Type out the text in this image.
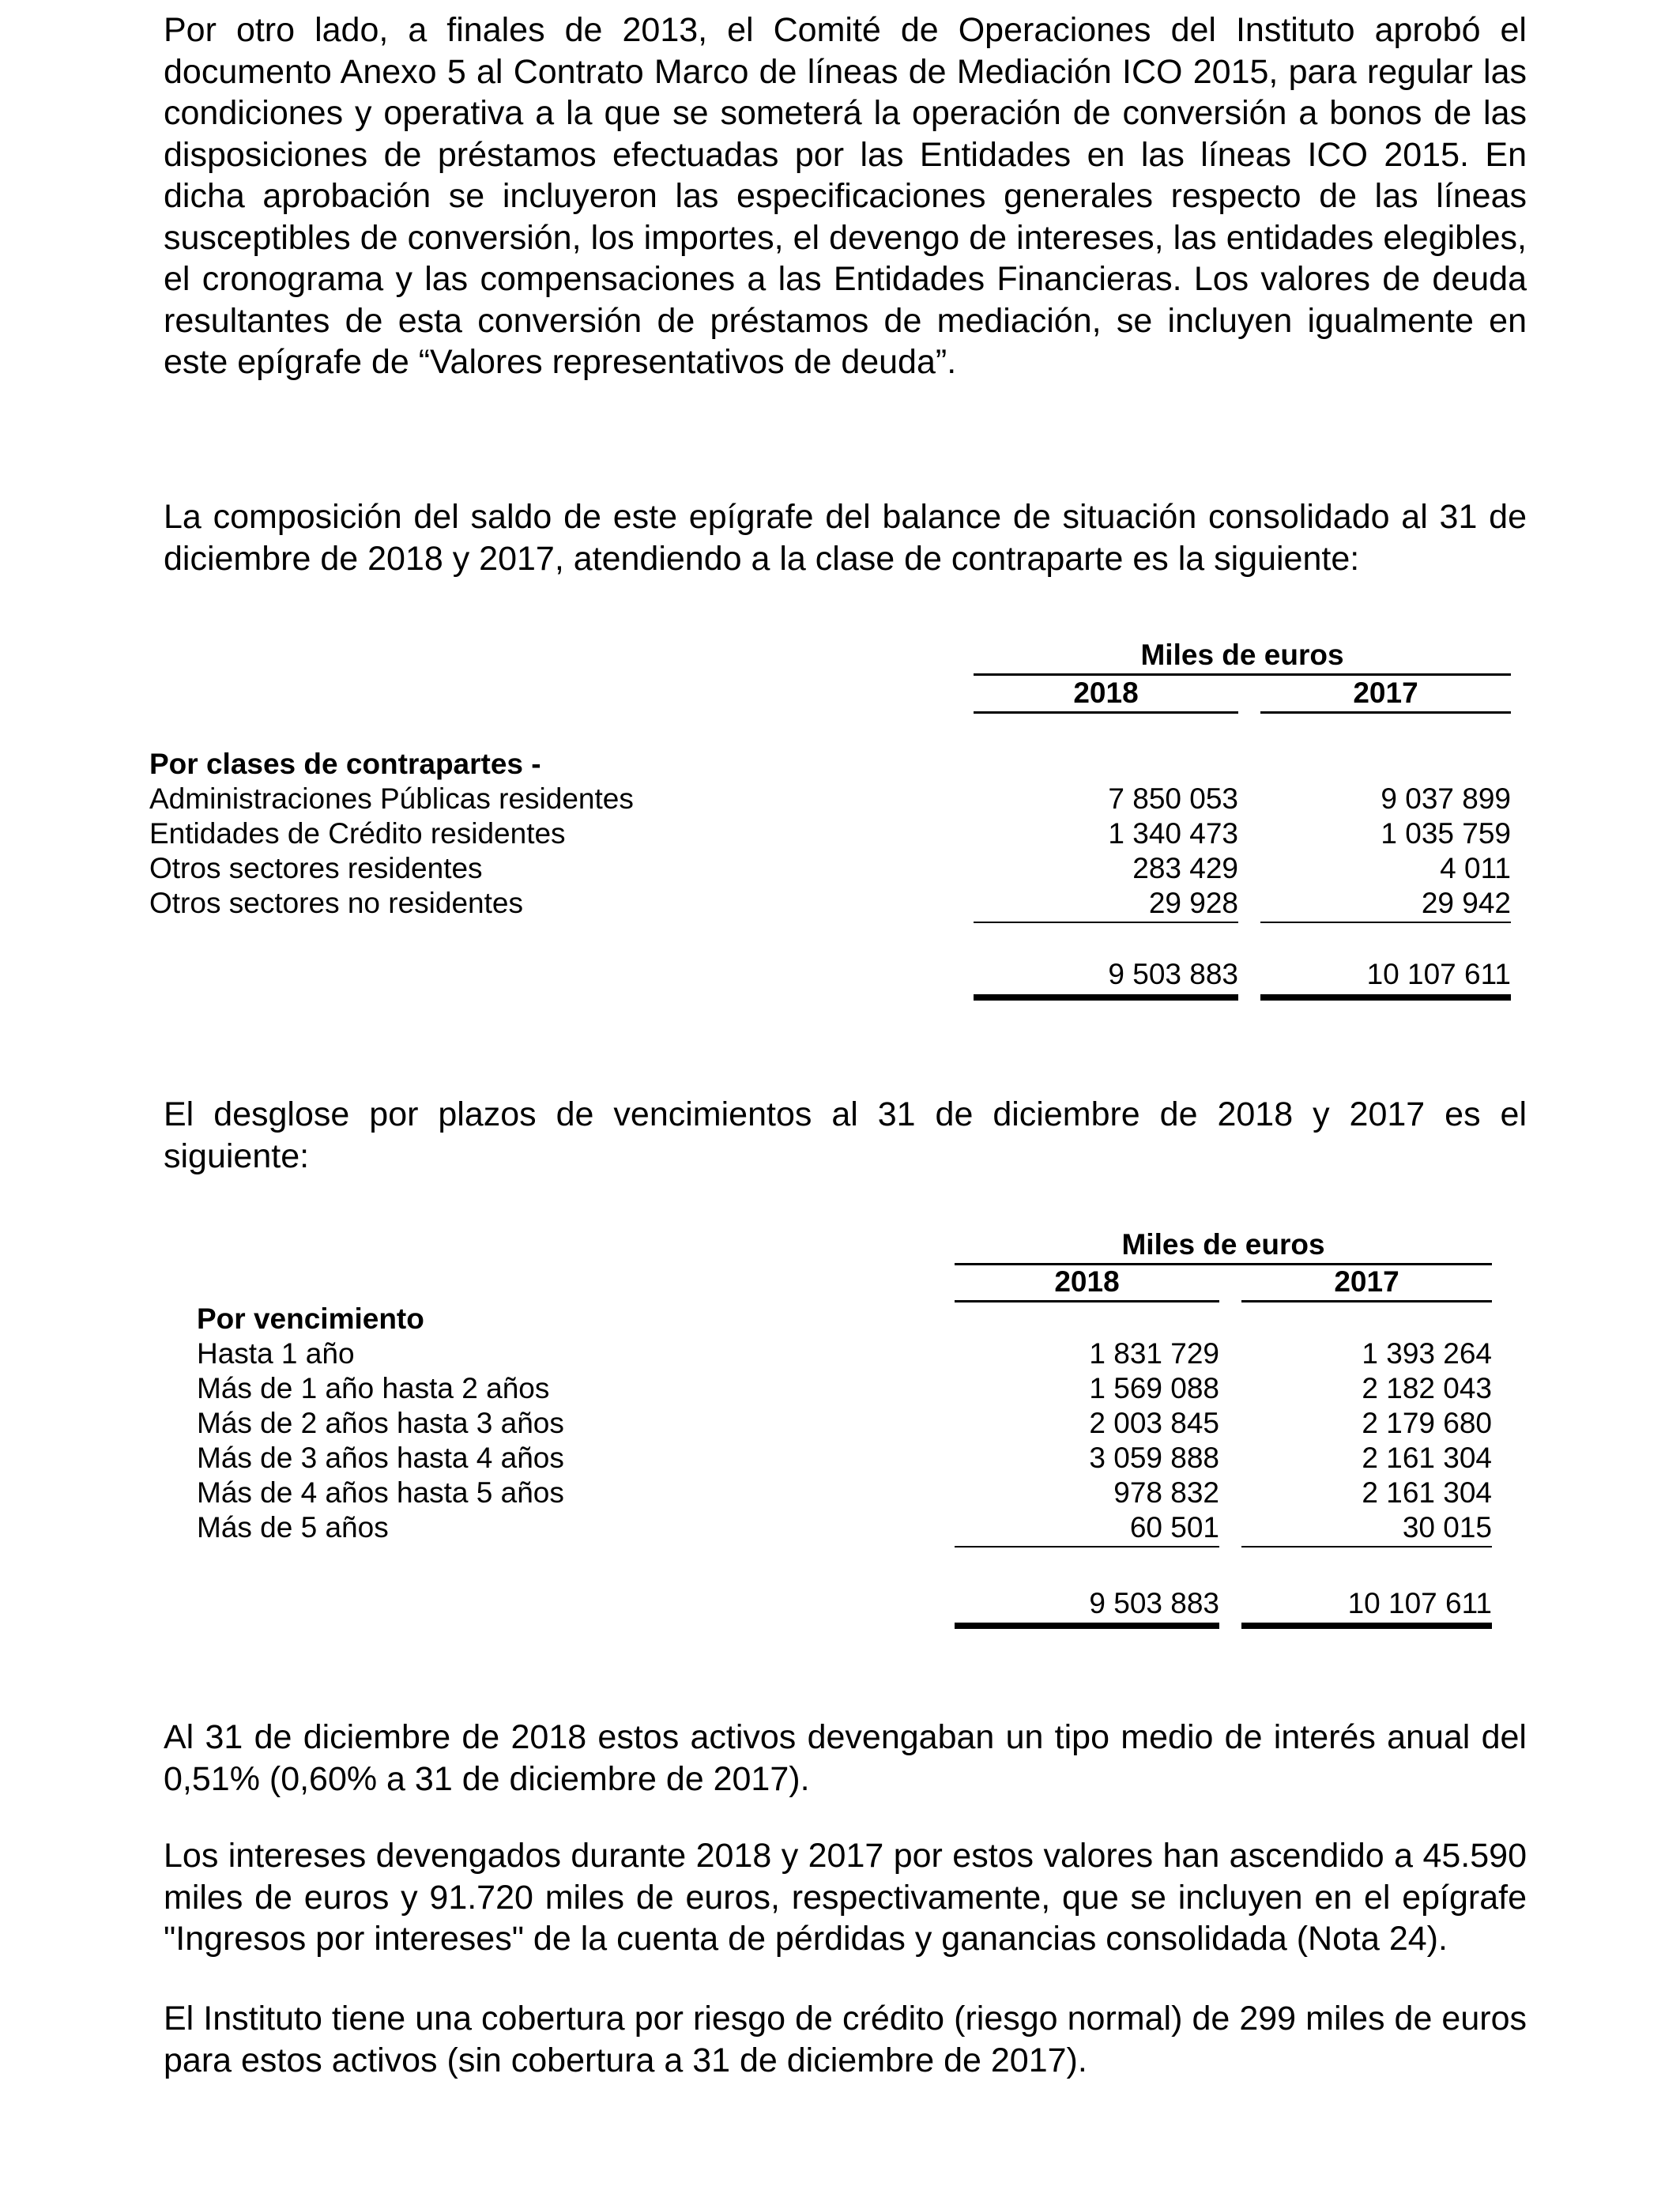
Por otro lado, a finales de 2013, el Comité de Operaciones del Instituto aprobó el documento Anexo 5 al Contrato Marco de líneas de Mediación ICO 2015, para regular las condiciones y operativa a la que se someterá la operación de conversión a bonos de las disposiciones de préstamos efectuadas por las Entidades en las líneas ICO 2015. En dicha aprobación se incluyeron las especificaciones generales respecto de las líneas susceptibles de conversión, los importes, el devengo de intereses, las entidades elegibles, el cronograma y las compensaciones a las Entidades Financieras. Los valores de deuda resultantes de esta conversión de préstamos de mediación, se incluyen igualmente en este epígrafe de “Valores representativos de deuda”.

La composición del saldo de este epígrafe del balance de situación consolidado al 31 de diciembre de 2018 y 2017, atendiendo a la clase de contraparte es la siguiente:

Miles de euros
2018	2017
Por clases de contrapartes -
Administraciones Públicas residentes	7 850 053	9 037 899
Entidades de Crédito residentes	1 340 473	1 035 759
Otros sectores residentes	283 429	4 011
Otros sectores no residentes	29 928	29 942
9 503 883	10 107 611

El desglose por plazos de vencimientos al 31 de diciembre de 2018 y 2017 es el siguiente:

Miles de euros
2018	2017
Por vencimiento
Hasta 1 año	1 831 729	1 393 264
Más de 1 año hasta 2 años	1 569 088	2 182 043
Más de 2 años hasta 3 años	2 003 845	2 179 680
Más de 3 años hasta 4 años	3 059 888	2 161 304
Más de 4 años hasta 5 años	978 832	2 161 304
Más de 5 años	60 501	30 015
9 503 883	10 107 611

Al 31 de diciembre de 2018 estos activos devengaban un tipo medio de interés anual del 0,51% (0,60% a 31 de diciembre de 2017).

Los intereses devengados durante 2018 y 2017 por estos valores han ascendido a 45.590 miles de euros y 91.720 miles de euros, respectivamente, que se incluyen en el epígrafe "Ingresos por intereses" de la cuenta de pérdidas y ganancias consolidada (Nota 24).

El Instituto tiene una cobertura por riesgo de crédito (riesgo normal) de 299 miles de euros para estos activos (sin cobertura a 31 de diciembre de 2017).
